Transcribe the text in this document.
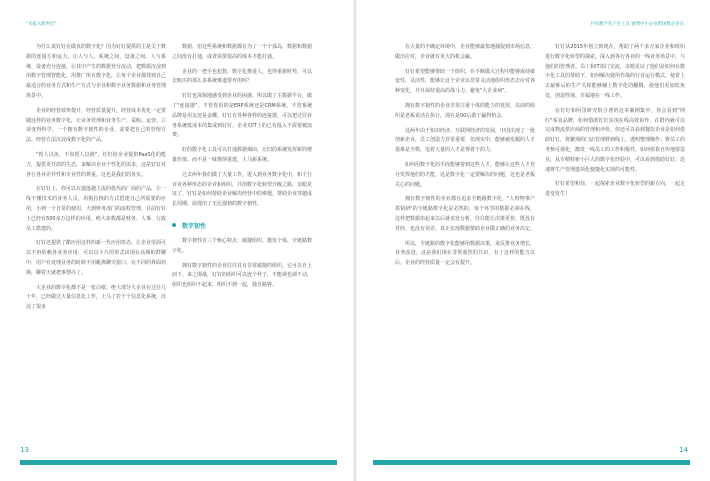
"水乾入新世纪"

为什么说钉钉在做真的数字化？因为钉钉提供的主是关于数据的连接方和运力，让人与人、系统之间、设备之间、人与系统、设备充分连接，让其中产生的数据充分流动，把数据沉淀到用数字管理智能化，用推广所有数字化，让每个企业都找到自己最适合的业务方式和生产方式与企业和数字业务数据和业务管理场景中。

企业的经营效率提升，经营质量提升，经营成本优化一定要随这样的业务数字化，让业务管理和业务生产、采购、运营、立项变得科学，一个拥有数字韧性的企业，需要把自己的管理方法、经营方法沉淀成数字化的产品。

"授人以鱼，不如授人以渔"，钉钉给企业提供PaaS化的能力，提供更开放的生态，来解决企业个性化的需求，这是钉钉对各行各业差异性和专业性的尊重，这也是我们的务实。

在钉钉上，你可以在遗落越主流的低代码厂商的产品，让一线不懂技术的业务人员，用拖拉拽的方式搭建自己所需要的应用，小到一个日常的使用，大到财务部门的流程管理，目前钉钉上已经有500多万这样的应用，绝大多数都是财务、人事、行政员工搭建的。

钉钉还提供了酷应用这样的新一代应用形态，让企业里面可以不再依赖各业务应用，可以以卡片的形式出现在高频的群聊中，用户在处理业务的时候不用跳离聊天窗口，在不同的界面切换，聊着天就把事情办了。

大企业的数字化都不是一张白纸，绝大部分大企业在过往几十年，已经做过大量信息化工作，上马了若干个信息化系统，沉淀了很多

数据。但这些系统和数据都在为了一个个孤岛，数据和数据之间没有打通，或者需要很高的成本才能打通。

企业的一把手也犯愁，数字化推进人，也得重新时势，可以去购买的那么多系统难道要弃用吗？

钉钉也深刻地感受到企业的困惑，所以做了主数据平台，做了"连接器"，不管你用的是ERP系统还是CRM系统，不管系统品牌是用友还是金蝶，钉钉有各种各样的连接器，可以把过往业务系统低成本的集成到钉钉，企业对IT上的已有投入不需要被浪费。

好的数字化工具可以打通数据烟囱，让旧的系统发挥新的增量价值，而不是一味推倒重建，上马新系统。

过去两年我们做了大量工作，进入到业务数字化中，和千行百业各种形态的企业和组织，共创数字化转型升级之路，亲眼见证了，钉钉是如何帮助企业解决经营中的难题，帮助企业穿越成长周期，展现出了无比强韧的数字韧性。

数字韧性

数字韧性有三个核心特点：敏捷组织、激发个体、全链路数字化。

拥有数字韧性的企业往往具有非常敏捷的组织，它可以自上而下、来之即战，钉钉的组织可以连个样子，不能调也调不动，组织也组织不起来，组织不到一起，独自路将。

13
共同数字化产生工具 链博中小企业跨国数企业在

在大量的不确定环境中，企业能够最快地捕捉到市场信息，做出应对，企业就有更大的机会赢。

钉钉希望能够帮助一个组织，在不断做大过程中能够保持敏变性，灵活性，能够让这个企业以非常灵活地组织形态去应对各种变化，并且保持很高的战斗力，避免"大企业病"。

拥有数字韧性的企业非常注重个体的能力的发挥，以前的组织是老板说话在执行，现在是00后敢于赢得机会。

这两年由于知识经济、互联网经济的发展，中国出现了一批创新企业，员工创造力非常重要，但现实中，能够被发掘的人才很难是少数，追着大量的人才是赛着干的力。

如何用数字化的手段能够着到这些人才，能够让这些人才充分发挥他们的才能，这是数字化一定要解决的问题，这也是老板关心的问题。

拥有数字韧性的企业都在追求全链路数字化，"人财物事产供销研"的全链路数字化是必然的，每个环节的数据必须在线，这样把数据串起来以后就该发分析，往往能让决策更快，既没有对经、也没有误差，真正实现数据帮助企业做正确的业务决定。

所以，全链路的数字化能够用数据决策，来反推业务增长，业务改进，这是我们现在非常强烈的共识，有了这样的能力以后，企业的经营质量一定会有提升。

钉钉从2015年创立到现在，帮助了两千多万家企业和组织进行数字化转型的探索，深入到各行各业的一线业务场景中，与他们的管理者、员工和IT部门交流，亲眼见证了他们是如何在数字化工具的帮助下，如何解决使用作战的行业运行模式，使着上去最难后的生产关和能够辅上数字化的翻腾，使他们更加枚角处，创造性地、幸福地在一线工作。

在钉钉和阿里研究院合著的这本案例集中，你会看到"网红"零食品牌，如何借助钉钉实现在线高效协作，在群内就可以完成物流供应商的管理和评价，你还可以看到餐饮企业是如何借助钉钉，将繁琐的门店管理移到线上，透明整理操作；将员工的考核可视化，激发一线员工的工作积极性，如何依靠自传地射造业，从专精特新小巨人的数字化经验中，可以看到借助钉钉，迅速将生产管理遗项化便捷化实现的可能性。

钉钉希望和你，一起探索企业数字化转型的新方向，一起走进变发生！

14
